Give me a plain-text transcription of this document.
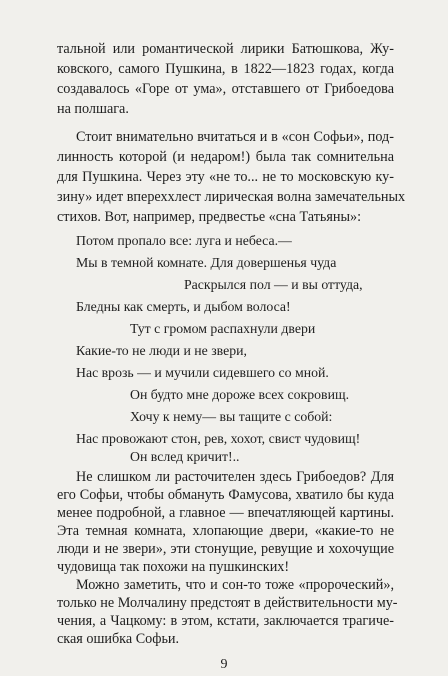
тальной или романтической лирики Батюшкова, Жу-
ковского, самого Пушкина, в 1822—1823 годах, когда
создавалось «Горе от ума», отставшего от Грибоедова
на полшага.
Стоит внимательно вчитаться и в «сон Софьи», под-
линность которой (и недаром!) была так сомнительна
для Пушкина. Через эту «не то... не то московскую ку-
зину» идет впереххлест лирическая волна замечательных
стихов. Вот, например, предвестье «сна Татьяны»:
Потом пропало все: луга и небеса.—
Мы в темной комнате. Для довершенья чуда
Раскрылся пол — и вы оттуда,
Бледны как смерть, и дыбом волоса!
Тут с громом распахнули двери
Какие-то не люди и не звери,
Нас врозь — и мучили сидевшего со мной.
Он будто мне дороже всех сокровищ.
Хочу к нему— вы тащите с собой:
Нас провожают стон, рев, хохот, свист чудовищ!
Он вслед кричит!..
Не слишком ли расточителен здесь Грибоедов? Для
его Софьи, чтобы обмануть Фамусова, хватило бы куда
менее подробной, а главное — впечатляющей картины.
Эта темная комната, хлопающие двери, «какие-то не
люди и не звери», эти стонущие, ревущие и хохочущие
чудовища так похожи на пушкинских!
Можно заметить, что и сон-то тоже «пророческий»,
только не Молчалину предстоят в действительности му-
чения, а Чацкому: в этом, кстати, заключается трагиче-
ская ошибка Софьи.
9
